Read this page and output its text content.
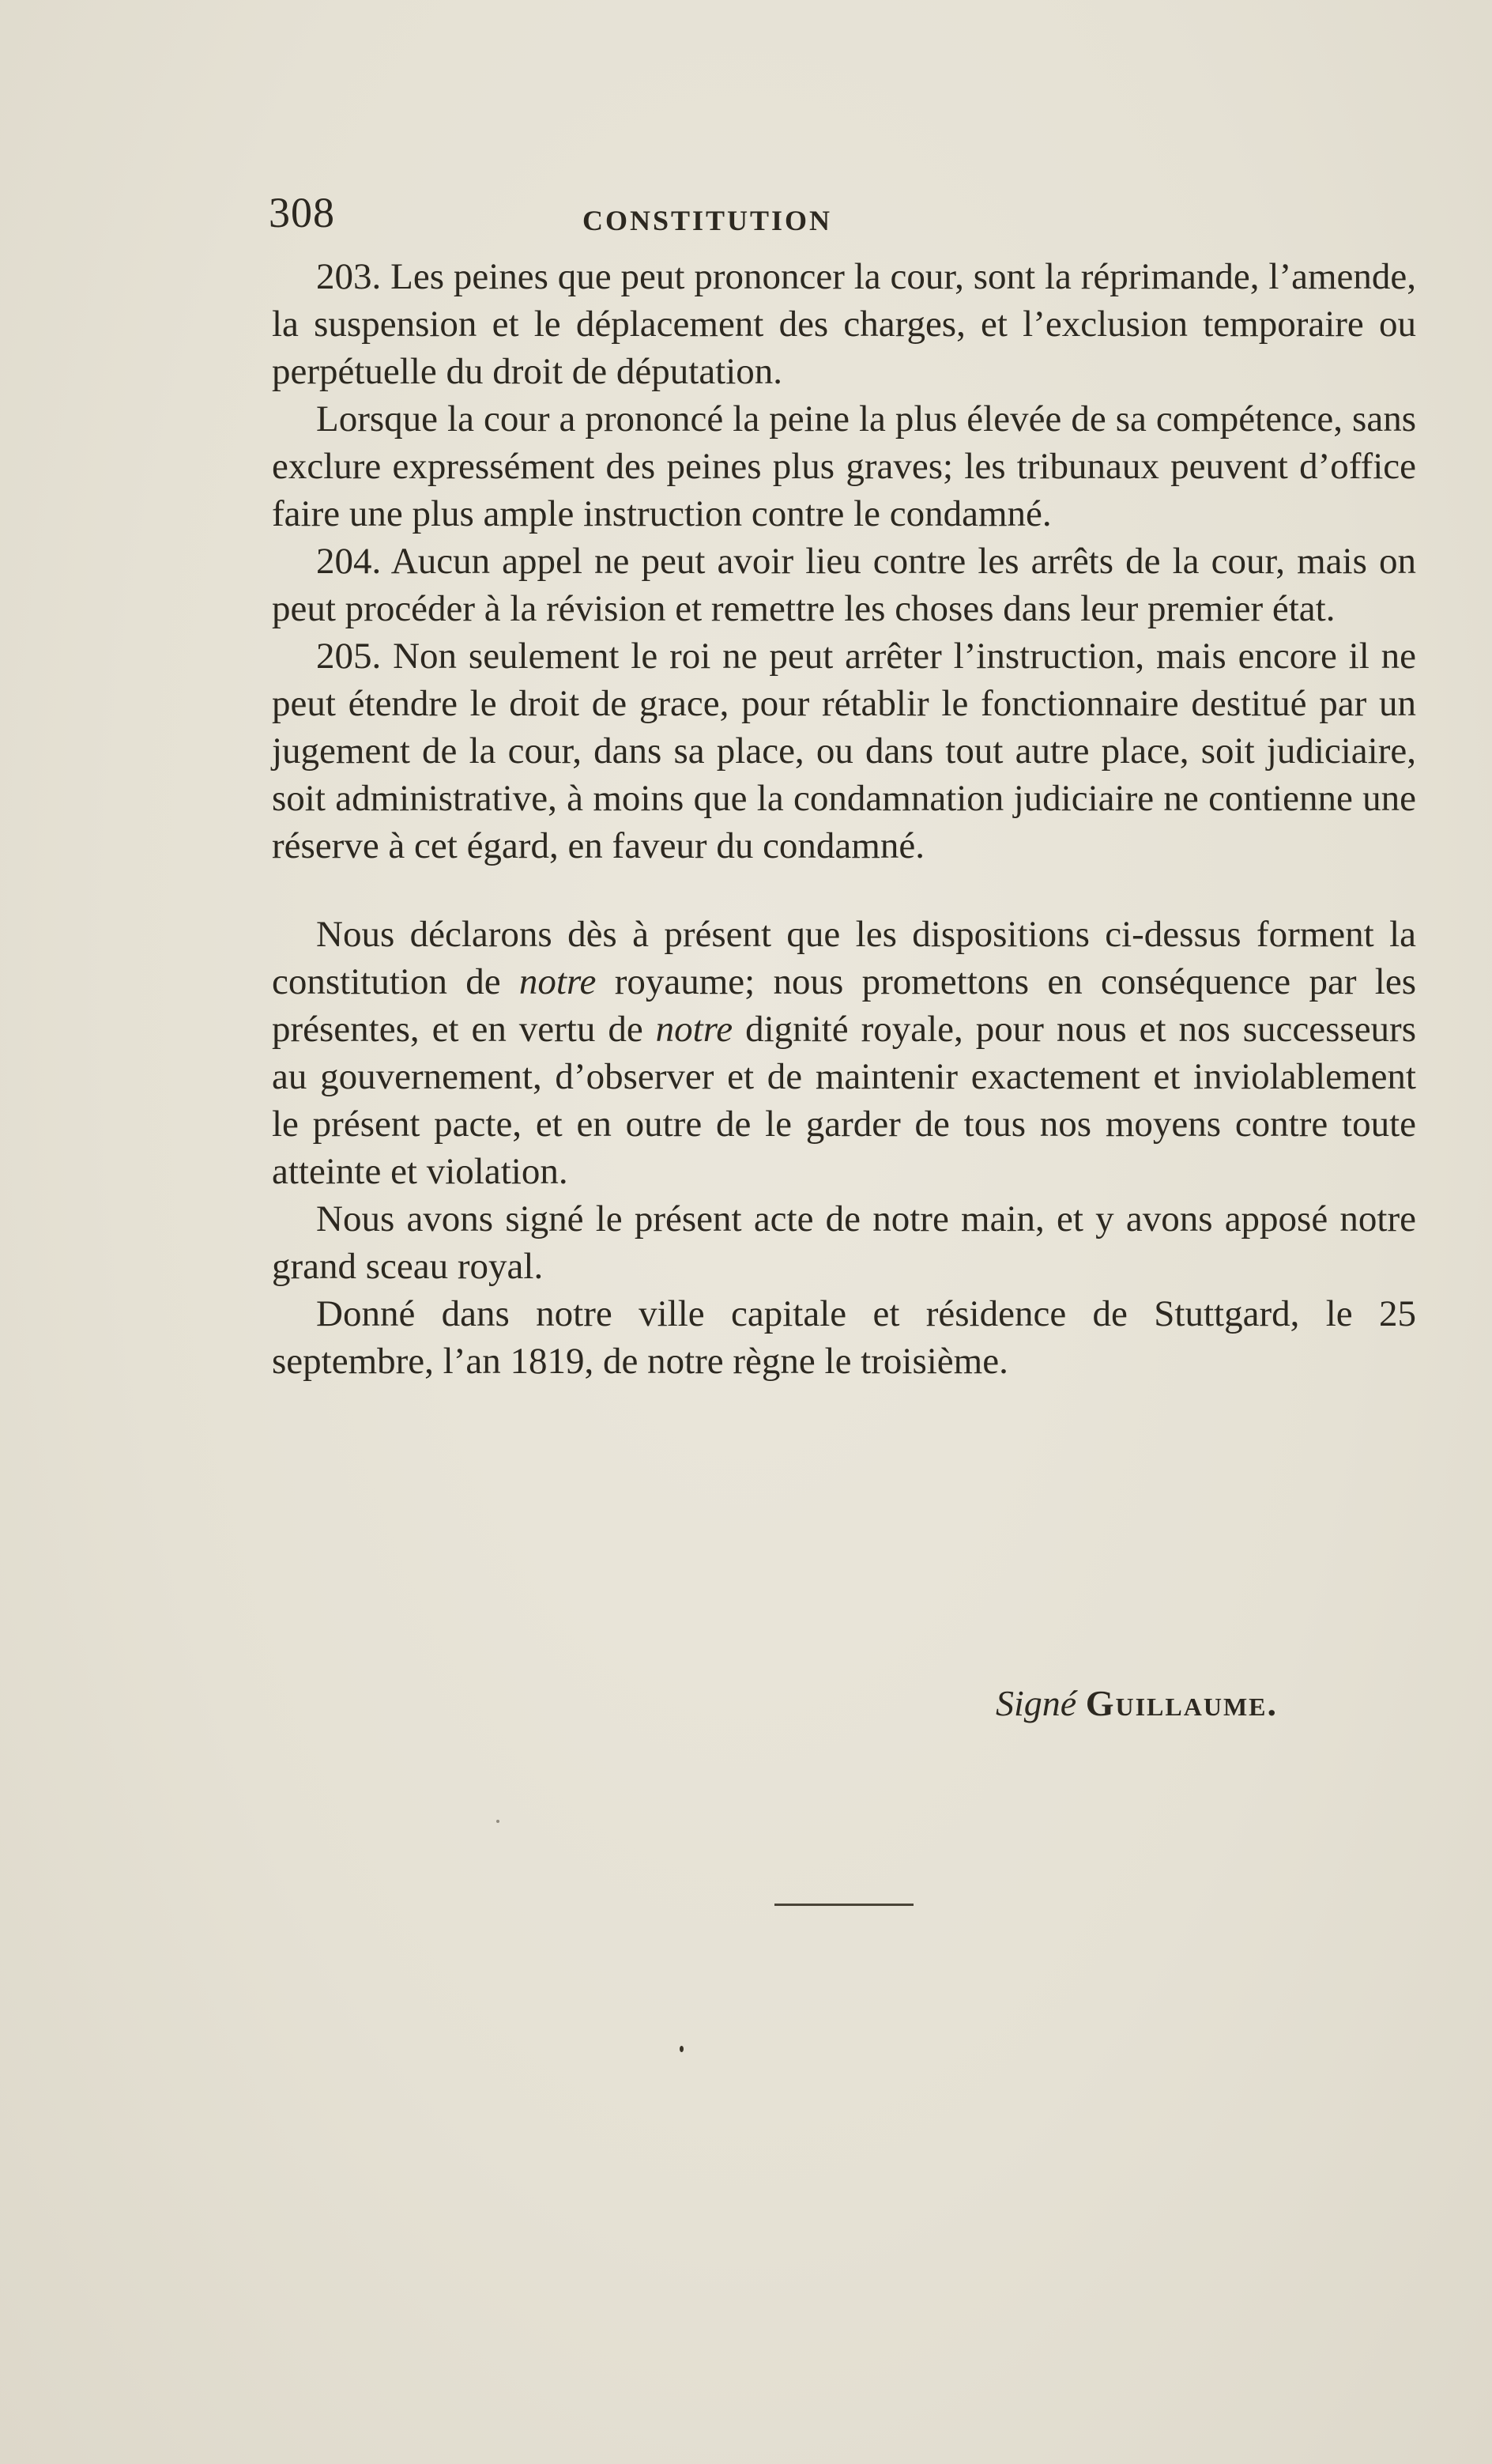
308	CONSTITUTION

203. Les peines que peut prononcer la cour, sont la réprimande, l’amende, la suspension et le déplacement des charges, et l’exclusion temporaire ou perpétuelle du droit de députation.

Lorsque la cour a prononcé la peine la plus élevée de sa compétence, sans exclure expressément des peines plus graves; les tribunaux peuvent d’office faire une plus ample instruction contre le condamné.

204. Aucun appel ne peut avoir lieu contre les arrêts de la cour, mais on peut procéder à la révision et remettre les choses dans leur premier état.

205. Non seulement le roi ne peut arrêter l’instruction, mais encore il ne peut étendre le droit de grace, pour rétablir le fonctionnaire destitué par un jugement de la cour, dans sa place, ou dans tout autre place, soit judiciaire, soit administrative, à moins que la condamnation judiciaire ne contienne une réserve à cet égard, en faveur du condamné.

Nous déclarons dès à présent que les dispositions ci-dessus forment la constitution de notre royaume; nous promettons en conséquence par les présentes, et en vertu de notre dignité royale, pour nous et nos successeurs au gouvernement, d’observer et de maintenir exactement et inviolablement le présent pacte, et en outre de le garder de tous nos moyens contre toute atteinte et violation.

Nous avons signé le présent acte de notre main, et y avons apposé notre grand sceau royal.

Donné dans notre ville capitale et résidence de Stuttgard, le 25 septembre, l’an 1819, de notre règne le troisième.

Signé Guillaume.
